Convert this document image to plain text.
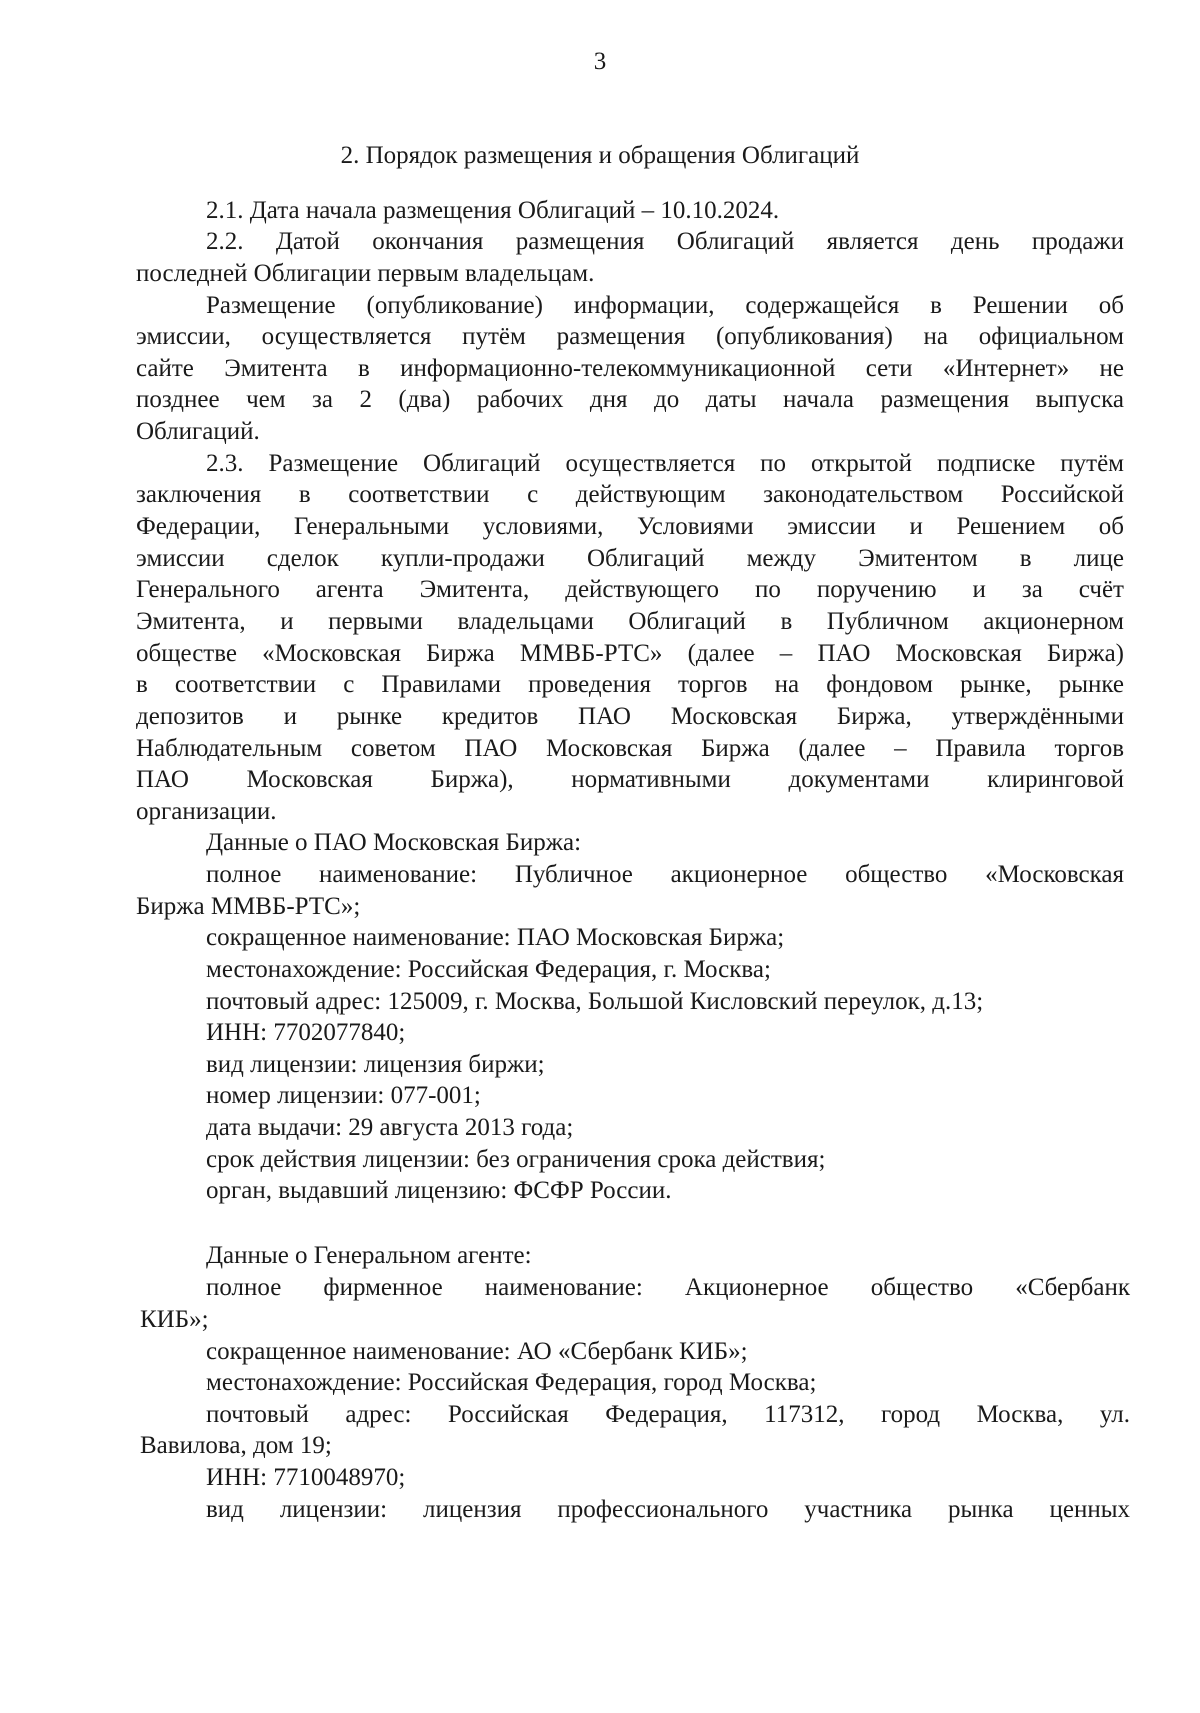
3
2. Порядок размещения и обращения Облигаций
2.1. Дата начала размещения Облигаций – 10.10.2024.
2.2. Датой окончания размещения Облигаций является день продажи
последней Облигации первым владельцам.
Размещение (опубликование) информации, содержащейся в Решении об
эмиссии, осуществляется путём размещения (опубликования) на официальном
сайте Эмитента в информационно-телекоммуникационной сети «Интернет» не
позднее чем за 2 (два) рабочих дня до даты начала размещения выпуска
Облигаций.
2.3. Размещение Облигаций осуществляется по открытой подписке путём
заключения в соответствии с действующим законодательством Российской
Федерации, Генеральными условиями, Условиями эмиссии и Решением об
эмиссии сделок купли-продажи Облигаций между Эмитентом в лице
Генерального агента Эмитента, действующего по поручению и за счёт
Эмитента, и первыми владельцами Облигаций в Публичном акционерном
обществе «Московская Биржа ММВБ-РТС» (далее – ПАО Московская Биржа)
в соответствии с Правилами проведения торгов на фондовом рынке, рынке
депозитов и рынке кредитов ПАО Московская Биржа, утверждёнными
Наблюдательным советом ПАО Московская Биржа (далее – Правила торгов
ПАО Московская Биржа), нормативными документами клиринговой
организации.
Данные о ПАО Московская Биржа:
полное наименование: Публичное акционерное общество «Московская
Биржа ММВБ-РТС»;
сокращенное наименование: ПАО Московская Биржа;
местонахождение: Российская Федерация, г. Москва;
почтовый адрес: 125009, г. Москва, Большой Кисловский переулок, д.13;
ИНН: 7702077840;
вид лицензии: лицензия биржи;
номер лицензии: 077-001;
дата выдачи: 29 августа 2013 года;
срок действия лицензии: без ограничения срока действия;
орган, выдавший лицензию: ФСФР России.
Данные о Генеральном агенте:
полное фирменное наименование: Акционерное общество «Сбербанк
КИБ»;
сокращенное наименование: АО «Сбербанк КИБ»;
местонахождение: Российская Федерация, город Москва;
почтовый адрес: Российская Федерация, 117312, город Москва, ул.
Вавилова, дом 19;
ИНН: 7710048970;
вид лицензии: лицензия профессионального участника рынка ценных
